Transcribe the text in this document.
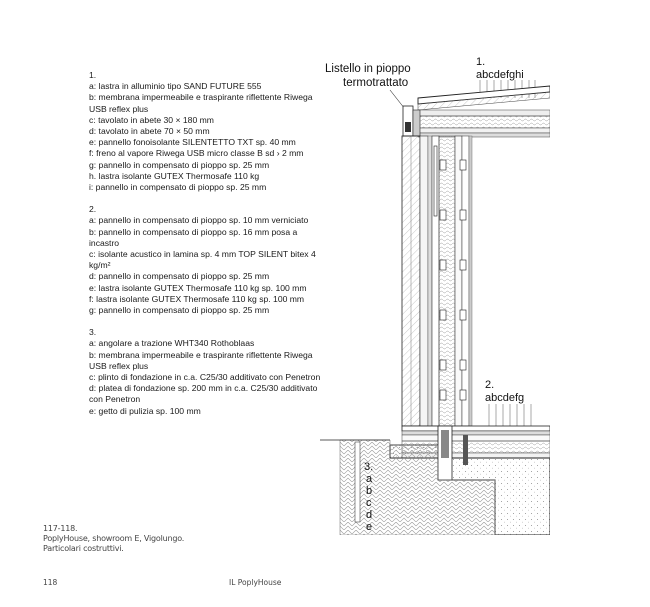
1.
a: lastra in alluminio tipo SAND FUTURE 555
b: membrana impermeabile e traspirante riflettente Riwega USB reflex plus
c: tavolato in abete 30 × 180 mm
d: tavolato in abete 70 × 50 mm
e: pannello fonoisolante SILENTETTO TXT sp. 40 mm
f: freno al vapore Riwega USB micro classe B sd › 2 mm
g: pannello in compensato di pioppo sp. 25 mm
h. lastra isolante GUTEX Thermosafe 110 kg
i: pannello in compensato di pioppo sp. 25 mm
2.
a: pannello in compensato di pioppo sp. 10 mm verniciato
b: pannello in compensato di pioppo sp. 16 mm posa a incastro
c: isolante acustico in lamina sp. 4 mm TOP SILENT bitex 4 kg/m²
d: pannello in compensato di pioppo sp. 25 mm
e: lastra isolante GUTEX Thermosafe 110 kg sp. 100 mm
f: lastra isolante GUTEX Thermosafe 110 kg sp. 100 mm
g: pannello in compensato di pioppo sp. 25 mm
3.
a: angolare a trazione WHT340 Rothoblaas
b: membrana impermeabile e traspirante riflettente Riwega USB reflex plus
c: plinto di fondazione in c.a. C25/30 additivato con Penetron
d: platea di fondazione sp. 200 mm in c.a. C25/30 additivato con Penetron
e: getto di pulizia sp. 100 mm
Listello in pioppo
termotrattato
1.
abcdefghi
2.
abcdefg
3.
a
b
c
d
e
117-118.
PoplyHouse, showroom E, Vigolungo.
Particolari costruttivi.
118	IL PoplyHouse
